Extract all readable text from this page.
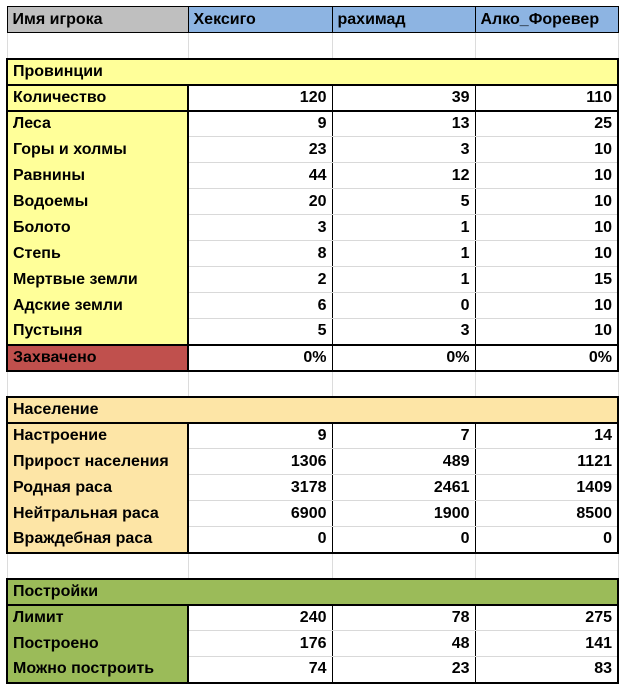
Имя игрока	Хексиго	рахимад	Алко_Форевер

Провинции			
Количество	120	39	110
Леса	9	13	25
Горы и холмы	23	3	10
Равнины	44	12	10
Водоемы	20	5	10
Болото	3	1	10
Степь	8	1	10
Мертвые земли	2	1	15
Адские земли	6	0	10
Пустыня	5	3	10
Захвачено	0%	0%	0%

Население			
Настроение	9	7	14
Прирост населения	1306	489	1121
Родная раса	3178	2461	1409
Нейтральная раса	6900	1900	8500
Враждебная раса	0	0	0

Постройки			
Лимит	240	78	275
Построено	176	48	141
Можно построить	74	23	83
